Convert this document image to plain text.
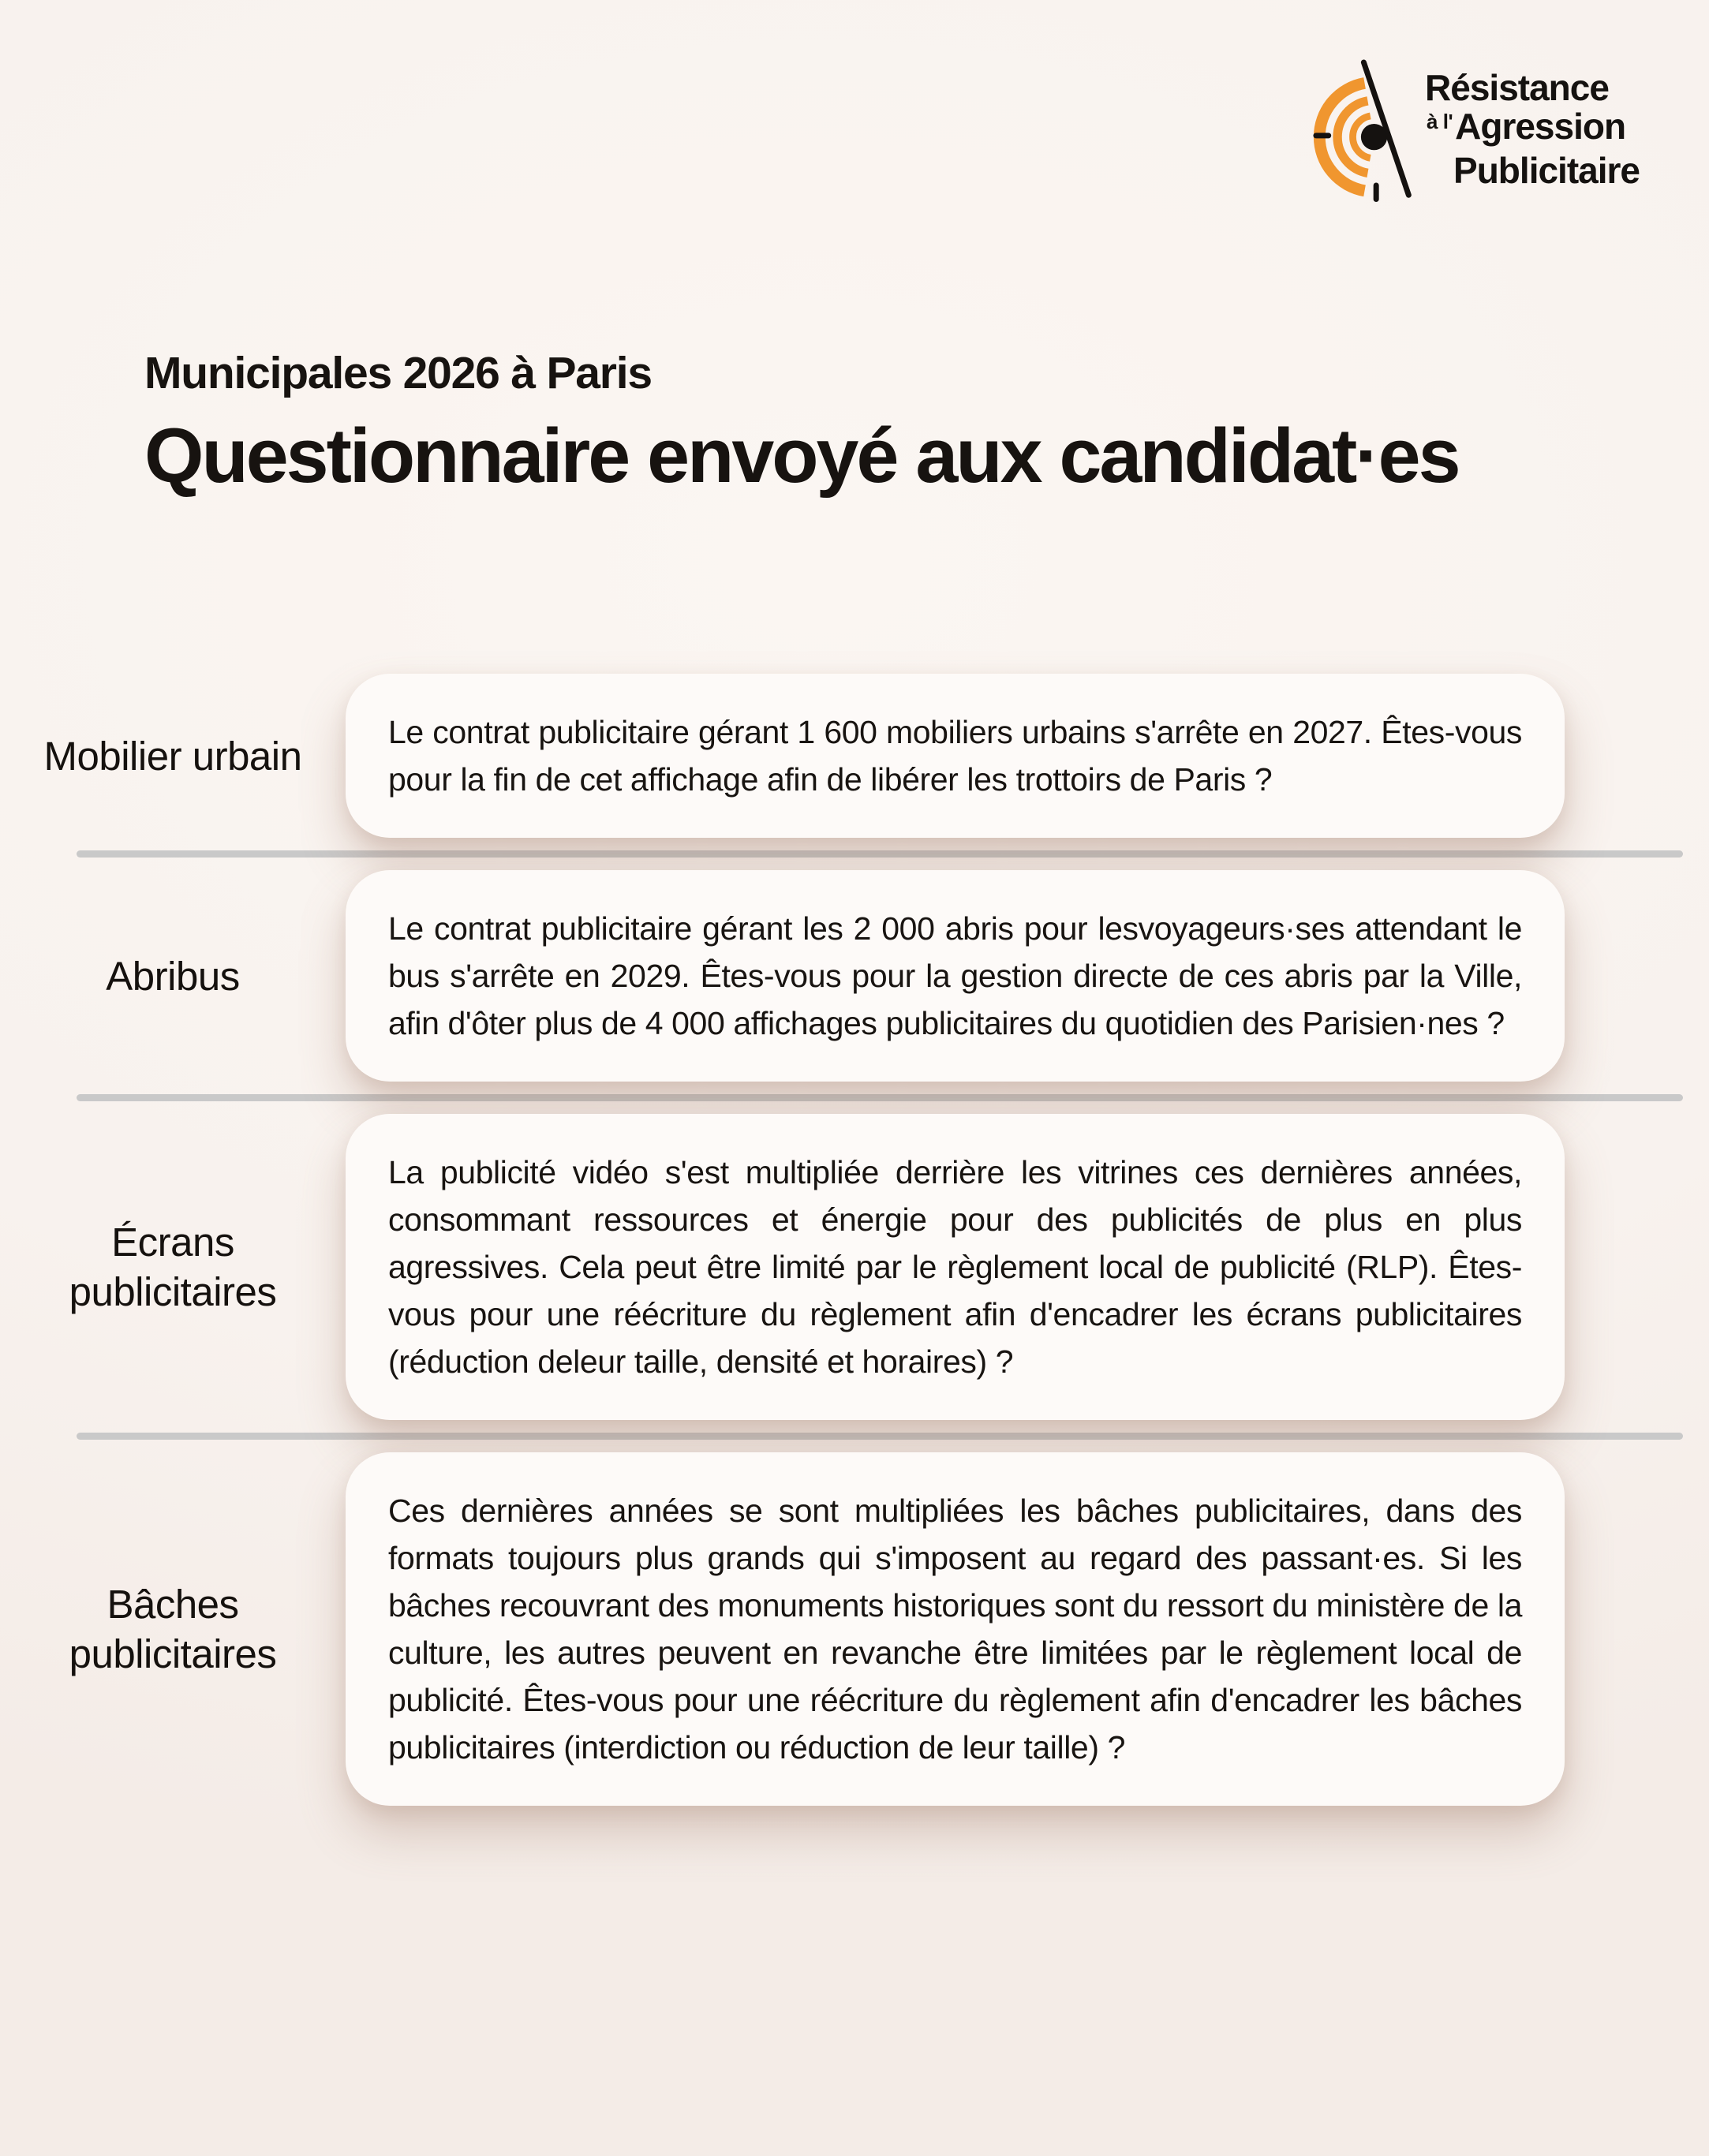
Résistance
$^{à l'}$Agression
Publicitaire

Municipales 2026 à Paris

Questionnaire envoyé aux candidat·es
Mobilier urbain
Le contrat publicitaire gérant 1 600 mobiliers urbains s'arrête en 2027. Êtes-vous pour la fin de cet affichage afin de libérer les trottoirs de Paris ?
Abribus
Le contrat publicitaire gérant les 2 000 abris pour lesvoyageurs·ses attendant le bus s'arrête en 2029. Êtes-vous pour la gestion directe de ces abris par la Ville, afin d'ôter plus de 4 000 affichages publicitaires du quotidien des Parisien·nes ?
Écrans publicitaires
La publicité vidéo s'est multipliée derrière les vitrines ces dernières années, consommant ressources et énergie pour des publicités de plus en plus agressives. Cela peut être limité par le règlement local de publicité (RLP). Êtes-vous pour une réécriture du règlement afin d'encadrer les écrans publicitaires (réduction deleur taille, densité et horaires) ?
Bâches publicitaires
Ces dernières années se sont multipliées les bâches publicitaires, dans des formats toujours plus grands qui s'imposent au regard des passant·es. Si les bâches recouvrant des monuments historiques sont du ressort du ministère de la culture, les autres peuvent en revanche être limitées par le règlement local de publicité. Êtes-vous pour une réécriture du règlement afin d'encadrer les bâches publicitaires (interdiction ou réduction de leur taille) ?
